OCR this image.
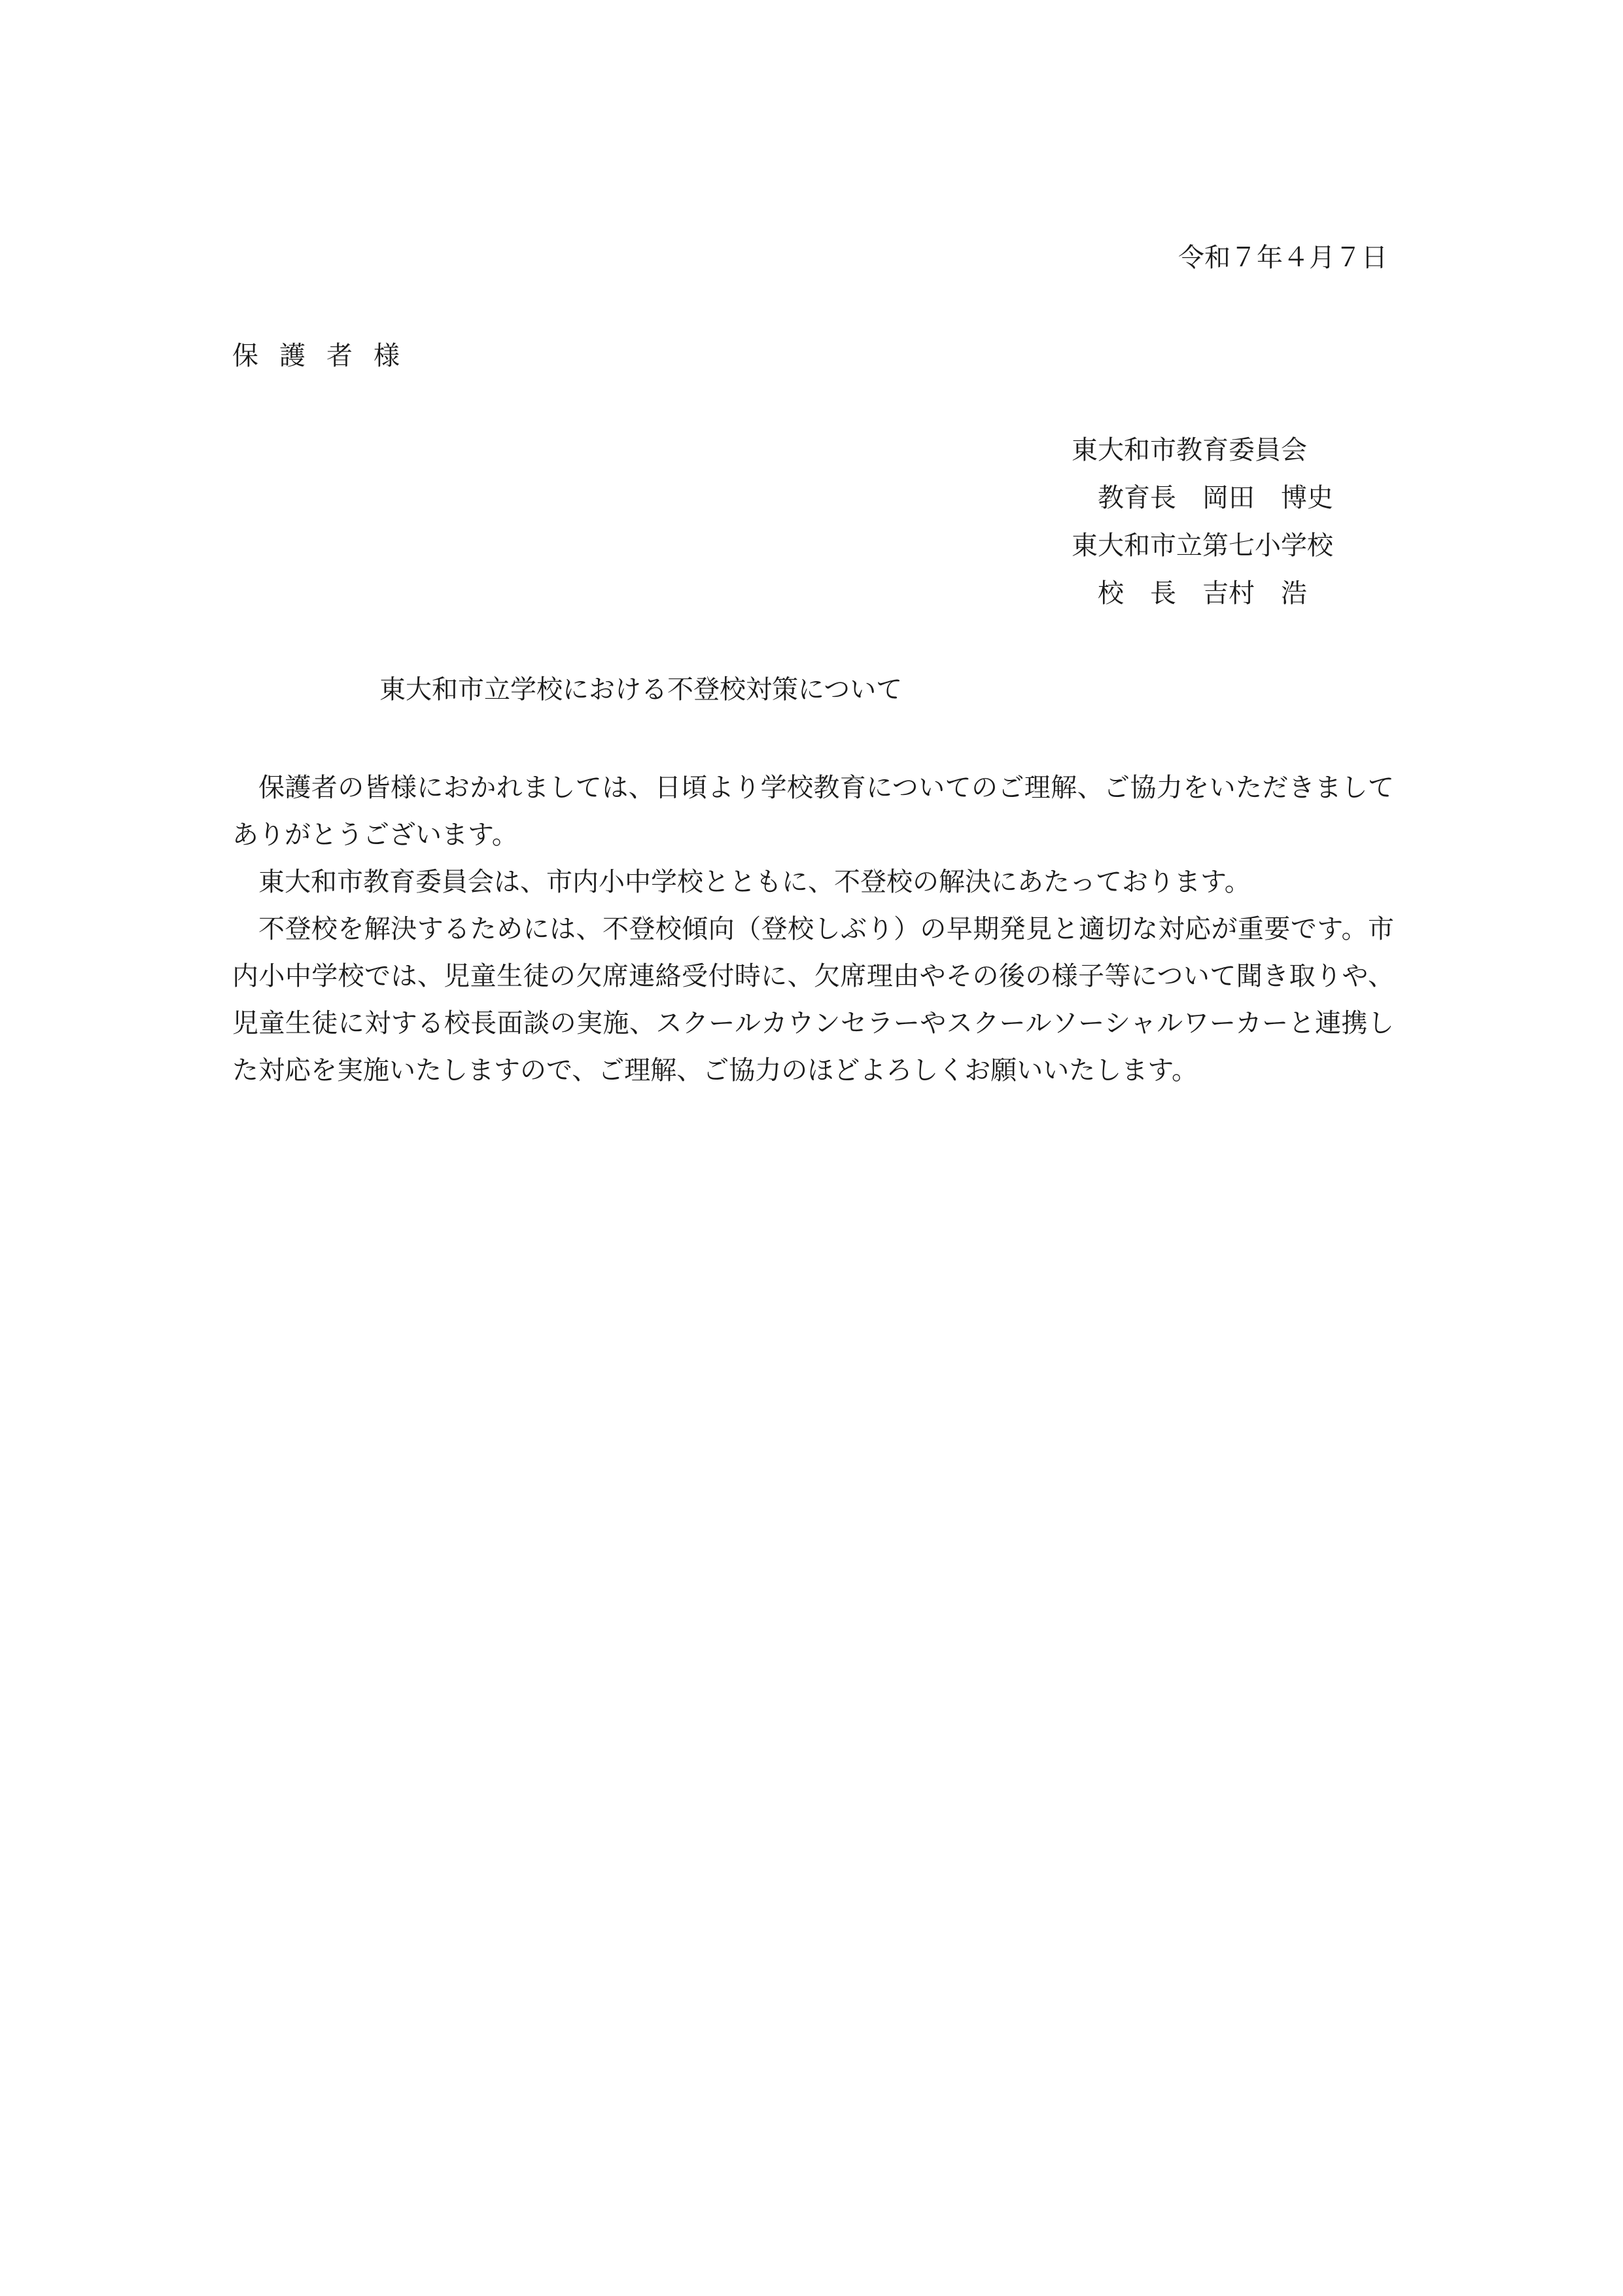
令和７年４月７日
保護者様
東大和市教育委員会
　教育長　岡田　博史
東大和市立第七小学校
　校　長　吉村　浩
東大和市立学校における不登校対策について

保護者の皆様におかれましては、日頃より学校教育についてのご理解、ご協力をいただきましてありがとうございます。

東大和市教育委員会は、市内小中学校とともに、不登校の解決にあたっております。

不登校を解決するためには、不登校傾向（登校しぶり）の早期発見と適切な対応が重要です。市内小中学校では、児童生徒の欠席連絡受付時に、欠席理由やその後の様子等について聞き取りや、児童生徒に対する校長面談の実施、スクールカウンセラーやスクールソーシャルワーカーと連携した対応を実施いたしますので、ご理解、ご協力のほどよろしくお願いいたします。
